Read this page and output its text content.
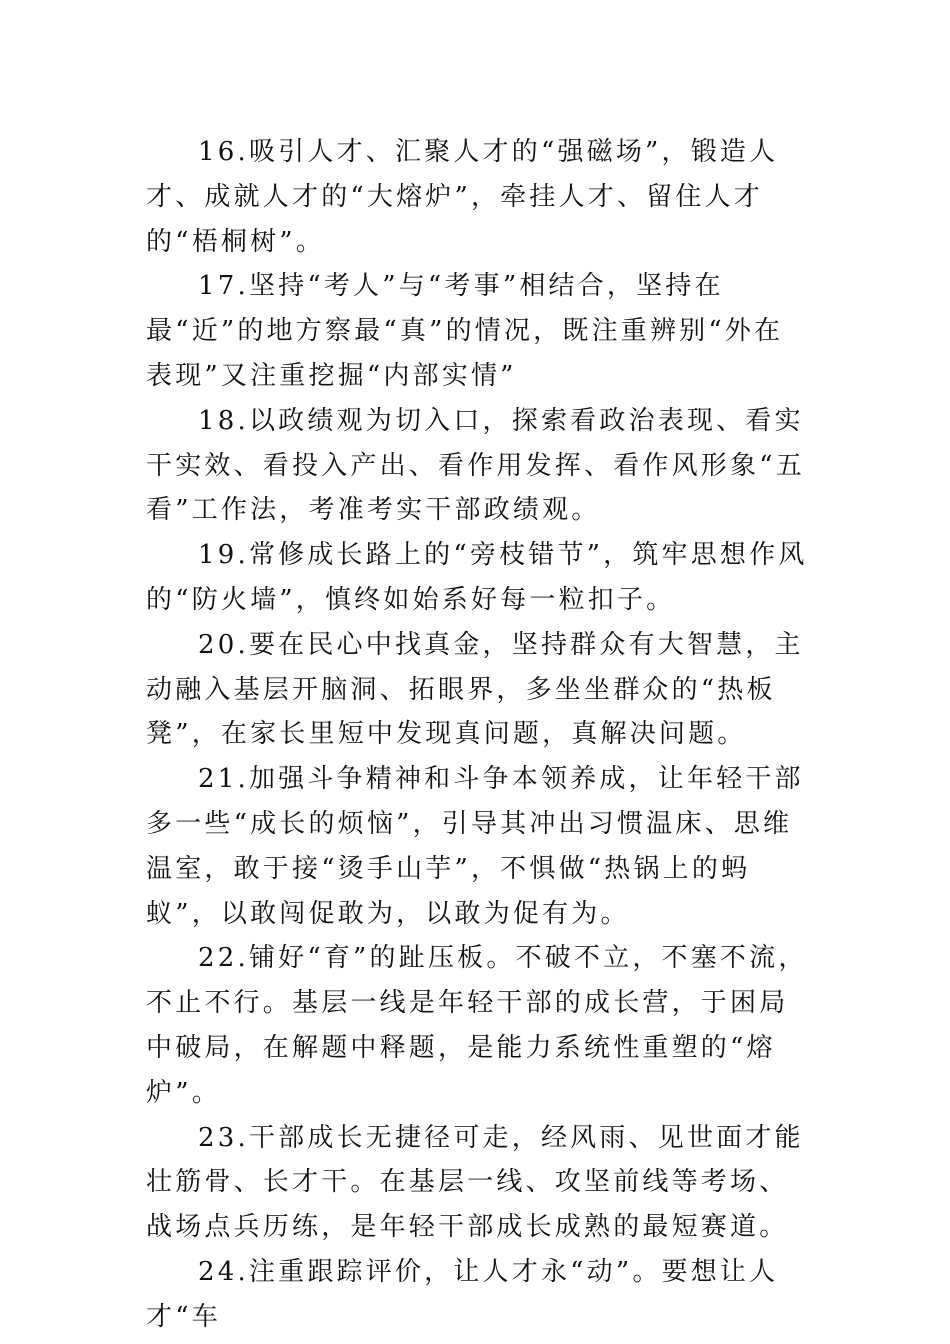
16.吸引人才、汇聚人才的“强磁场”，锻造人才、成就人才的“大熔炉”，牵挂人才、留住人才的“梧桐树”。

17.坚持“考人”与“考事”相结合，坚持在最“近”的地方察最“真”的情况，既注重辨别“外在表现”又注重挖掘“内部实情”

18.以政绩观为切入口，探索看政治表现、看实干实效、看投入产出、看作用发挥、看作风形象“五看”工作法，考准考实干部政绩观。

19.常修成长路上的“旁枝错节”，筑牢思想作风的“防火墙”，慎终如始系好每一粒扣子。

20.要在民心中找真金，坚持群众有大智慧，主动融入基层开脑洞、拓眼界，多坐坐群众的“热板凳”，在家长里短中发现真问题，真解决问题。

21.加强斗争精神和斗争本领养成，让年轻干部多一些“成长的烦恼”，引导其冲出习惯温床、思维温室，敢于接“烫手山芋”，不惧做“热锅上的蚂蚁”，以敢闯促敢为，以敢为促有为。

22.铺好“育”的趾压板。不破不立，不塞不流，不止不行。基层一线是年轻干部的成长营，于困局中破局，在解题中释题，是能力系统性重塑的“熔炉”。

23.干部成长无捷径可走，经风雨、见世面才能壮筋骨、长才干。在基层一线、攻坚前线等考场、战场点兵历练，是年轻干部成长成熟的最短赛道。

24.注重跟踪评价，让人才永“动”。要想让人才“车
